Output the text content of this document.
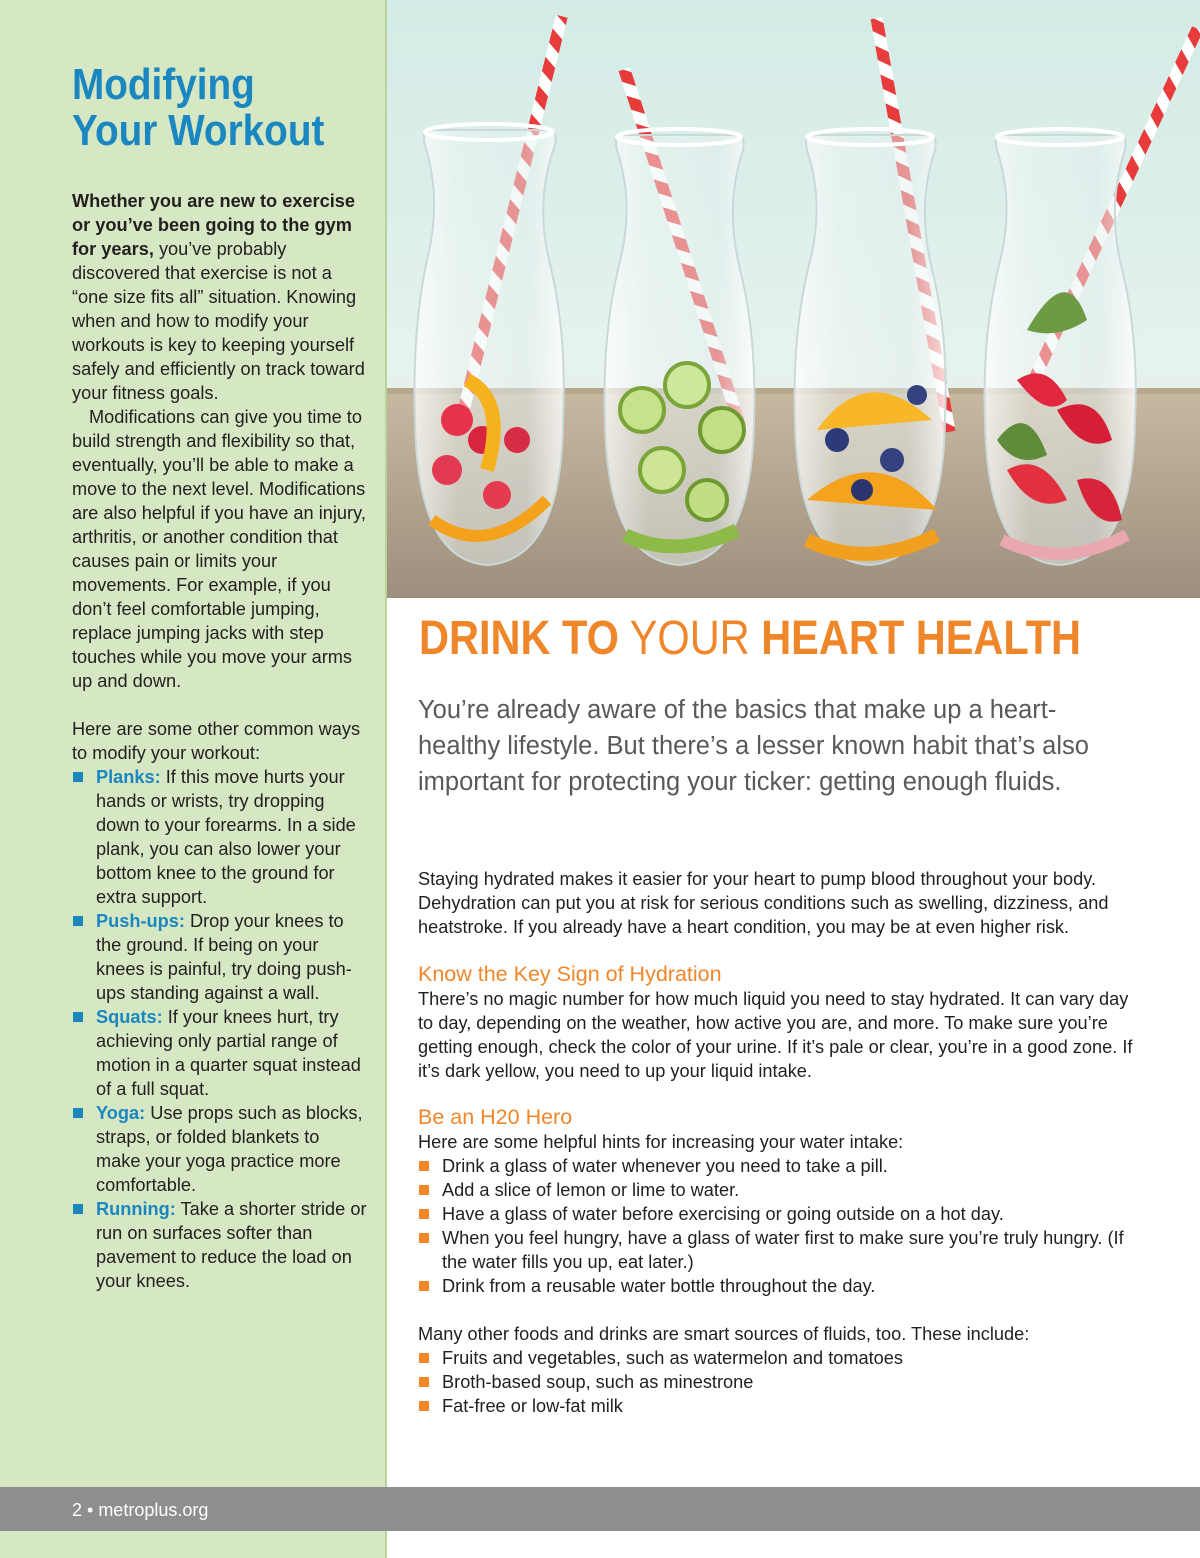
Modifying
Your Workout

Whether you are new to exercise or you’ve been going to the gym for years, you’ve probably discovered that exercise is not a “one size fits all” situation. Knowing when and how to modify your workouts is key to keeping yourself safely and efficiently on track toward your fitness goals.

Modifications can give you time to build strength and flexibility so that, eventually, you’ll be able to make a move to the next level. Modifications are also helpful if you have an injury, arthritis, or another condition that causes pain or limits your movements. For example, if you don’t feel comfortable jumping, replace jumping jacks with step touches while you move your arms up and down.

Here are some other common ways to modify your workout:

Planks: If this move hurts your hands or wrists, try dropping down to your forearms. In a side plank, you can also lower your bottom knee to the ground for extra support.
Push-ups: Drop your knees to the ground. If being on your knees is painful, try doing push-ups standing against a wall.
Squats: If your knees hurt, try achieving only partial range of motion in a quarter squat instead of a full squat.
Yoga: Use props such as blocks, straps, or folded blankets to make your yoga practice more comfortable.
Running: Take a shorter stride or run on surfaces softer than pavement to reduce the load on your knees.
DRINK TO YOUR HEART HEALTH

You’re already aware of the basics that make up a heart-healthy lifestyle. But there’s a lesser known habit that’s also important for protecting your ticker: getting enough fluids.

Staying hydrated makes it easier for your heart to pump blood throughout your body. Dehydration can put you at risk for serious conditions such as swelling, dizziness, and heatstroke. If you already have a heart condition, you may be at even higher risk.

Know the Key Sign of Hydration

There’s no magic number for how much liquid you need to stay hydrated. It can vary day to day, depending on the weather, how active you are, and more. To make sure you’re getting enough, check the color of your urine. If it’s pale or clear, you’re in a good zone. If it’s dark yellow, you need to up your liquid intake.

Be an H20 Hero

Here are some helpful hints for increasing your water intake:

Drink a glass of water whenever you need to take a pill.
Add a slice of lemon or lime to water.
Have a glass of water before exercising or going outside on a hot day.
When you feel hungry, have a glass of water first to make sure you’re truly hungry. (If the water fills you up, eat later.)
Drink from a reusable water bottle throughout the day.

Many other foods and drinks are smart sources of fluids, too. These include:

Fruits and vegetables, such as watermelon and tomatoes
Broth-based soup, such as minestrone
Fat-free or low-fat milk
2 • metroplus.org
